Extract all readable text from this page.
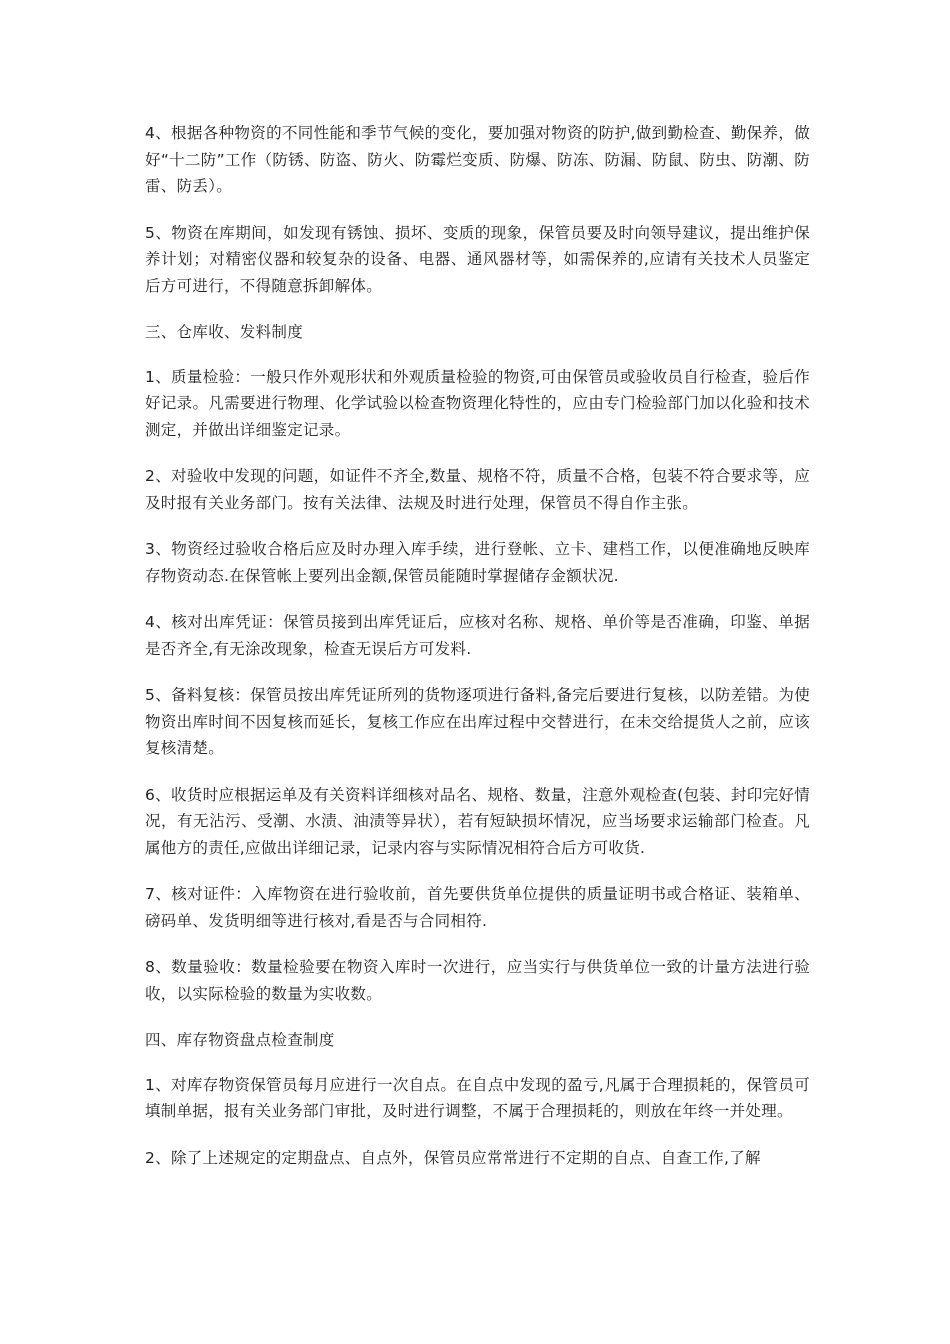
4、根据各种物资的不同性能和季节气候的变化，要加强对物资的防护,做到勤检查、勤保养，做好“十二防”工作（防锈、防盗、防火、防霉烂变质、防爆、防冻、防漏、防鼠、防虫、防潮、防雷、防丢）。

5、物资在库期间，如发现有锈蚀、损坏、变质的现象，保管员要及时向领导建议，提出维护保养计划；对精密仪器和较复杂的设备、电器、通风器材等，如需保养的,应请有关技术人员鉴定后方可进行，不得随意拆卸解体。

三、仓库收、发料制度

1、质量检验：一般只作外观形状和外观质量检验的物资,可由保管员或验收员自行检查，验后作好记录。凡需要进行物理、化学试验以检查物资理化特性的，应由专门检验部门加以化验和技术测定，并做出详细鉴定记录。

2、对验收中发现的问题，如证件不齐全,数量、规格不符，质量不合格，包装不符合要求等，应及时报有关业务部门。按有关法律、法规及时进行处理，保管员不得自作主张。

3、物资经过验收合格后应及时办理入库手续，进行登帐、立卡、建档工作，以便准确地反映库存物资动态.在保管帐上要列出金额,保管员能随时掌握储存金额状况.

4、核对出库凭证：保管员接到出库凭证后，应核对名称、规格、单价等是否准确，印鉴、单据是否齐全,有无涂改现象，检查无误后方可发料.

5、备料复核：保管员按出库凭证所列的货物逐项进行备料,备完后要进行复核，以防差错。为使物资出库时间不因复核而延长，复核工作应在出库过程中交替进行，在未交给提货人之前，应该复核清楚。

6、收货时应根据运单及有关资料详细核对品名、规格、数量，注意外观检查(包装、封印完好情况，有无沾污、受潮、水渍、油渍等异状），若有短缺损坏情况，应当场要求运输部门检查。凡属他方的责任,应做出详细记录，记录内容与实际情况相符合后方可收货.

7、核对证件：入库物资在进行验收前，首先要供货单位提供的质量证明书或合格证、装箱单、磅码单、发货明细等进行核对,看是否与合同相符.

8、数量验收：数量检验要在物资入库时一次进行，应当实行与供货单位一致的计量方法进行验收，以实际检验的数量为实收数。

四、库存物资盘点检查制度

1、对库存物资保管员每月应进行一次自点。在自点中发现的盈亏,凡属于合理损耗的，保管员可填制单据，报有关业务部门审批，及时进行调整，不属于合理损耗的，则放在年终一并处理。

2、除了上述规定的定期盘点、自点外，保管员应常常进行不定期的自点、自查工作,了解
